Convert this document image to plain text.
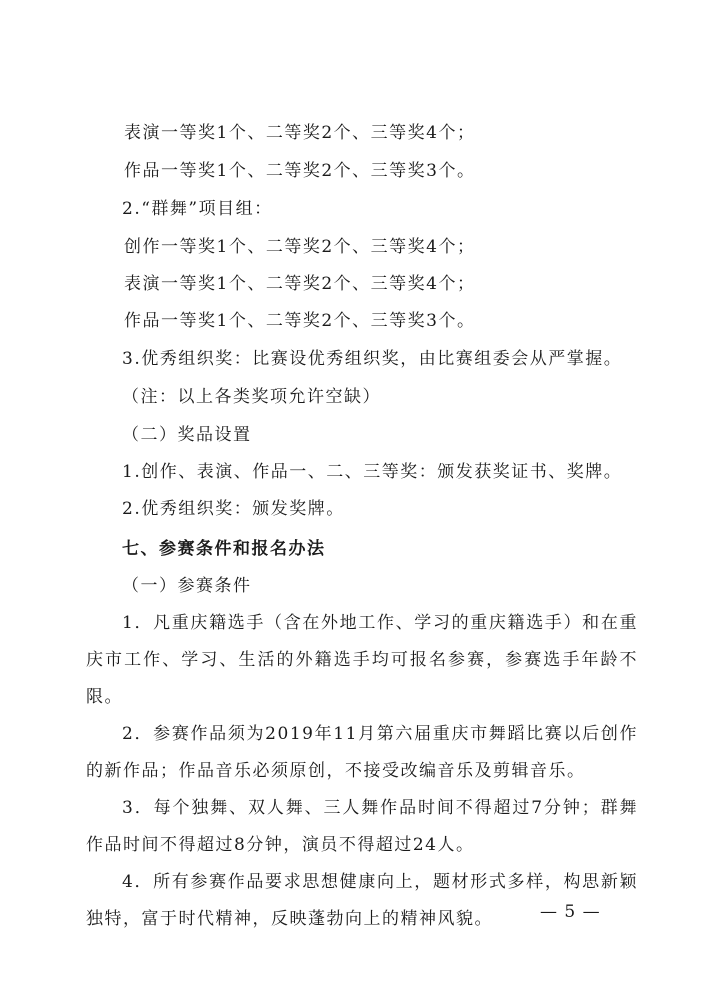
表演一等奖1个、二等奖2个、三等奖4个；
作品一等奖1个、二等奖2个、三等奖3个。
2.“群舞”项目组：
创作一等奖1个、二等奖2个、三等奖4个；
表演一等奖1个、二等奖2个、三等奖4个；
作品一等奖1个、二等奖2个、三等奖3个。
3.优秀组织奖：比赛设优秀组织奖，由比赛组委会从严掌握。
（注：以上各类奖项允许空缺）
（二）奖品设置
1.创作、表演、作品一、二、三等奖：颁发获奖证书、奖牌。
2.优秀组织奖：颁发奖牌。
七、参赛条件和报名办法
（一）参赛条件
1．凡重庆籍选手（含在外地工作、学习的重庆籍选手）和在重庆市工作、学习、生活的外籍选手均可报名参赛，参赛选手年龄不限。
2．参赛作品须为2019年11月第六届重庆市舞蹈比赛以后创作的新作品；作品音乐必须原创，不接受改编音乐及剪辑音乐。
3．每个独舞、双人舞、三人舞作品时间不得超过7分钟；群舞作品时间不得超过8分钟，演员不得超过24人。
4．所有参赛作品要求思想健康向上，题材形式多样，构思新颖独特，富于时代精神，反映蓬勃向上的精神风貌。	— 5 —
